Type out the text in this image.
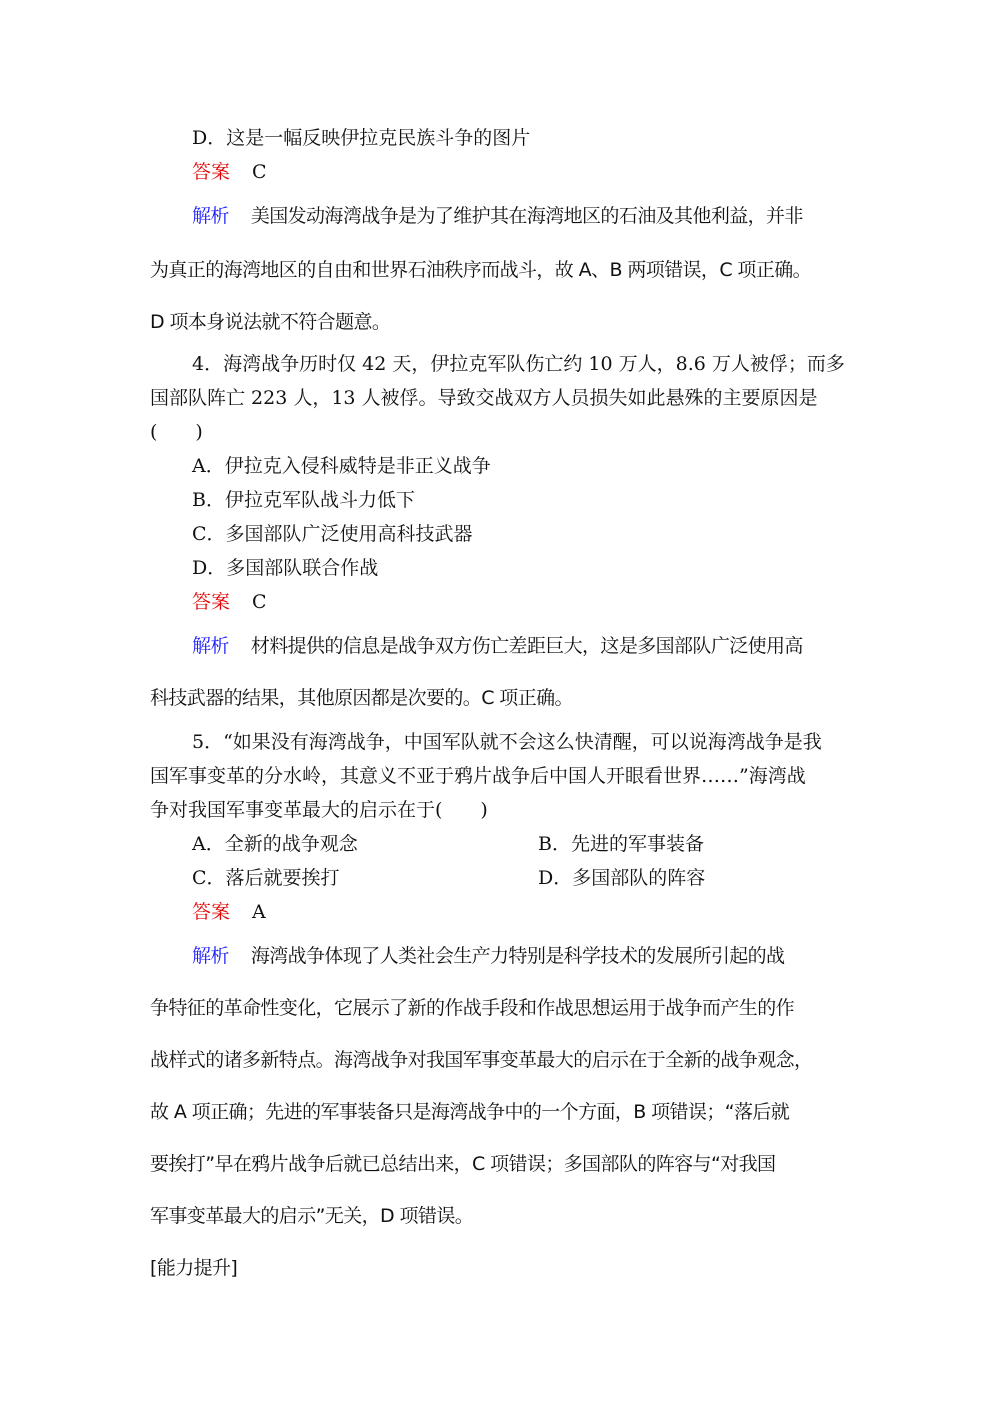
D．这是一幅反映伊拉克民族斗争的图片
答案 C
解析 美国发动海湾战争是为了维护其在海湾地区的石油及其他利益，并非
为真正的海湾地区的自由和世界石油秩序而战斗，故 A、B 两项错误，C 项正确。
D 项本身说法就不符合题意。
4．海湾战争历时仅 42 天，伊拉克军队伤亡约 10 万人，8.6 万人被俘；而多
国部队阵亡 223 人，13 人被俘。导致交战双方人员损失如此悬殊的主要原因是
(　　)
A．伊拉克入侵科威特是非正义战争
B．伊拉克军队战斗力低下
C．多国部队广泛使用高科技武器
D．多国部队联合作战
答案 C
解析 材料提供的信息是战争双方伤亡差距巨大，这是多国部队广泛使用高
科技武器的结果，其他原因都是次要的。C 项正确。
5．“如果没有海湾战争，中国军队就不会这么快清醒，可以说海湾战争是我
国军事变革的分水岭，其意义不亚于鸦片战争后中国人开眼看世界……”海湾战
争对我国军事变革最大的启示在于(　　)
A．全新的战争观念	B．先进的军事装备
C．落后就要挨打	D．多国部队的阵容
答案 A
解析 海湾战争体现了人类社会生产力特别是科学技术的发展所引起的战
争特征的革命性变化，它展示了新的作战手段和作战思想运用于战争而产生的作
战样式的诸多新特点。海湾战争对我国军事变革最大的启示在于全新的战争观念，
故 A 项正确；先进的军事装备只是海湾战争中的一个方面，B 项错误；“落后就
要挨打”早在鸦片战争后就已总结出来，C 项错误；多国部队的阵容与“对我国
军事变革最大的启示”无关，D 项错误。
[能力提升]
